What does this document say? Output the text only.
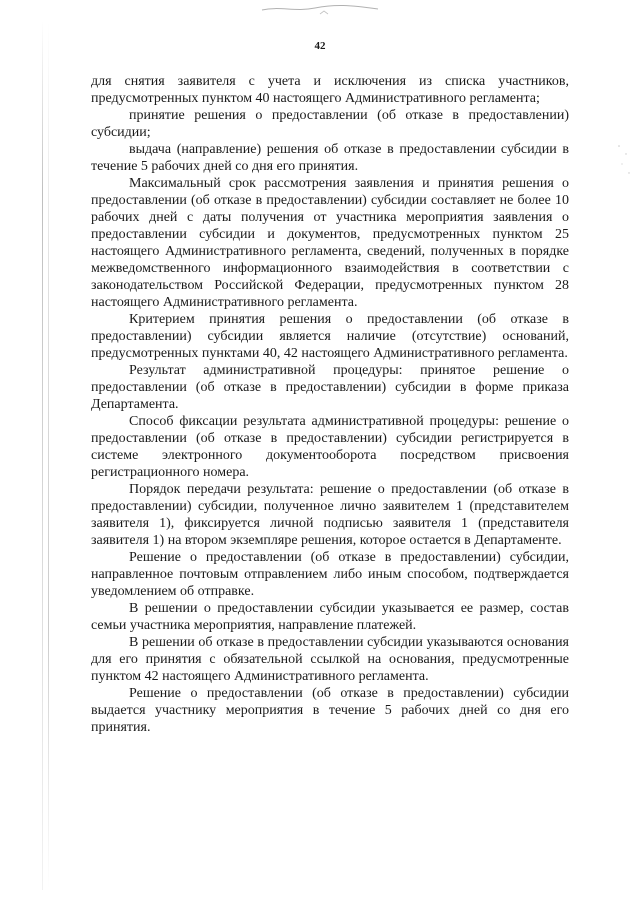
42

для снятия заявителя с учета и исключения из списка участников, предусмотренных пунктом 40 настоящего Административного регламента;

принятие решения о предоставлении (об отказе в предоставлении) субсидии;

выдача (направление) решения об отказе в предоставлении субсидии в течение 5 рабочих дней со дня его принятия.

Максимальный срок рассмотрения заявления и принятия решения о предоставлении (об отказе в предоставлении) субсидии составляет не более 10 рабочих дней с даты получения от участника мероприятия заявления о предоставлении субсидии и документов, предусмотренных пунктом 25 настоящего Административного регламента, сведений, полученных в порядке межведомственного информационного взаимодействия в соответствии с законодательством Российской Федерации, предусмотренных пунктом 28 настоящего Административного регламента.

Критерием принятия решения о предоставлении (об отказе в предоставлении) субсидии является наличие (отсутствие) оснований, предусмотренных пунктами 40, 42 настоящего Административного регламента.

Результат административной процедуры: принятое решение о предоставлении (об отказе в предоставлении) субсидии в форме приказа Департамента.

Способ фиксации результата административной процедуры: решение о предоставлении (об отказе в предоставлении) субсидии регистрируется в системе электронного документооборота посредством присвоения регистрационного номера.

Порядок передачи результата: решение о предоставлении (об отказе в предоставлении) субсидии, полученное лично заявителем 1 (представителем заявителя 1), фиксируется личной подписью заявителя 1 (представителя заявителя 1) на втором экземпляре решения, которое остается в Департаменте.

Решение о предоставлении (об отказе в предоставлении) субсидии, направленное почтовым отправлением либо иным способом, подтверждается уведомлением об отправке.

В решении о предоставлении субсидии указывается ее размер, состав семьи участника мероприятия, направление платежей.

В решении об отказе в предоставлении субсидии указываются основания для его принятия с обязательной ссылкой на основания, предусмотренные пунктом 42 настоящего Административного регламента.

Решение о предоставлении (об отказе в предоставлении) субсидии выдается участнику мероприятия в течение 5 рабочих дней со дня его принятия.
